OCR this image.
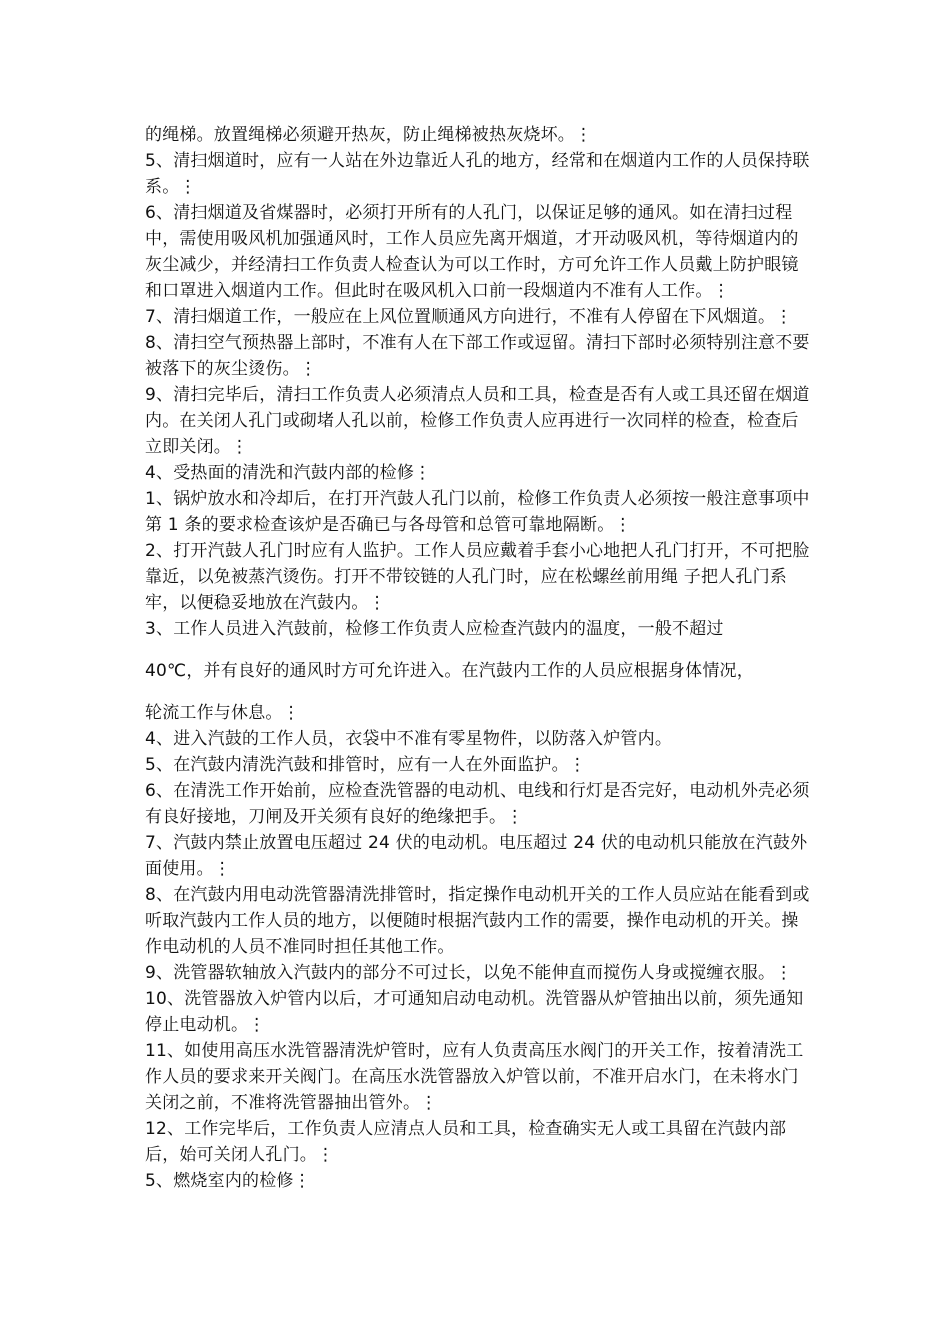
的绳梯。放置绳梯必须避开热灰，防止绳梯被热灰烧坏。⋮

5、清扫烟道时，应有一人站在外边靠近人孔的地方，经常和在烟道内工作的人员保持联系。⋮

6、清扫烟道及省煤器时，必须打开所有的人孔门，以保证足够的通风。如在清扫过程中，需使用吸风机加强通风时，工作人员应先离开烟道，才开动吸风机，等待烟道内的灰尘减少，并经清扫工作负责人检查认为可以工作时，方可允许工作人员戴上防护眼镜和口罩进入烟道内工作。但此时在吸风机入口前一段烟道内不准有人工作。⋮

7、清扫烟道工作，一般应在上风位置顺通风方向进行，不准有人停留在下风烟道。⋮

8、清扫空气预热器上部时，不准有人在下部工作或逗留。清扫下部时必须特别注意不要被落下的灰尘烫伤。⋮

9、清扫完毕后，清扫工作负责人必须清点人员和工具，检查是否有人或工具还留在烟道内。在关闭人孔门或砌堵人孔以前，检修工作负责人应再进行一次同样的检查，检查后立即关闭。⋮

4、受热面的清洗和汽鼓内部的检修⋮

1、锅炉放水和冷却后，在打开汽鼓人孔门以前，检修工作负责人必须按一般注意事项中第 1 条的要求检查该炉是否确已与各母管和总管可靠地隔断。⋮

2、打开汽鼓人孔门时应有人监护。工作人员应戴着手套小心地把人孔门打开，不可把脸靠近，以免被蒸汽烫伤。打开不带铰链的人孔门时，应在松螺丝前用绳 子把人孔门系牢，以便稳妥地放在汽鼓内。⋮

3、工作人员进入汽鼓前，检修工作负责人应检查汽鼓内的温度，一般不超过

40℃，并有良好的通风时方可允许进入。在汽鼓内工作的人员应根据身体情况，

轮流工作与休息。⋮

4、进入汽鼓的工作人员，衣袋中不准有零星物件，以防落入炉管内。

5、在汽鼓内清洗汽鼓和排管时，应有一人在外面监护。⋮

6、在清洗工作开始前，应检查洗管器的电动机、电线和行灯是否完好，电动机外壳必须有良好接地，刀闸及开关须有良好的绝缘把手。⋮

7、汽鼓内禁止放置电压超过 24 伏的电动机。电压超过 24 伏的电动机只能放在汽鼓外面使用。⋮

8、在汽鼓内用电动洗管器清洗排管时，指定操作电动机开关的工作人员应站在能看到或听取汽鼓内工作人员的地方，以便随时根据汽鼓内工作的需要，操作电动机的开关。操作电动机的人员不准同时担任其他工作。

9、洗管器软轴放入汽鼓内的部分不可过长，以免不能伸直而搅伤人身或搅缠衣服。⋮

10、洗管器放入炉管内以后，才可通知启动电动机。洗管器从炉管抽出以前，须先通知停止电动机。⋮

11、如使用高压水洗管器清洗炉管时，应有人负责高压水阀门的开关工作，按着清洗工作人员的要求来开关阀门。在高压水洗管器放入炉管以前，不准开启水门，在未将水门关闭之前，不准将洗管器抽出管外。⋮

12、工作完毕后，工作负责人应清点人员和工具，检查确实无人或工具留在汽鼓内部后，始可关闭人孔门。⋮

5、燃烧室内的检修⋮
